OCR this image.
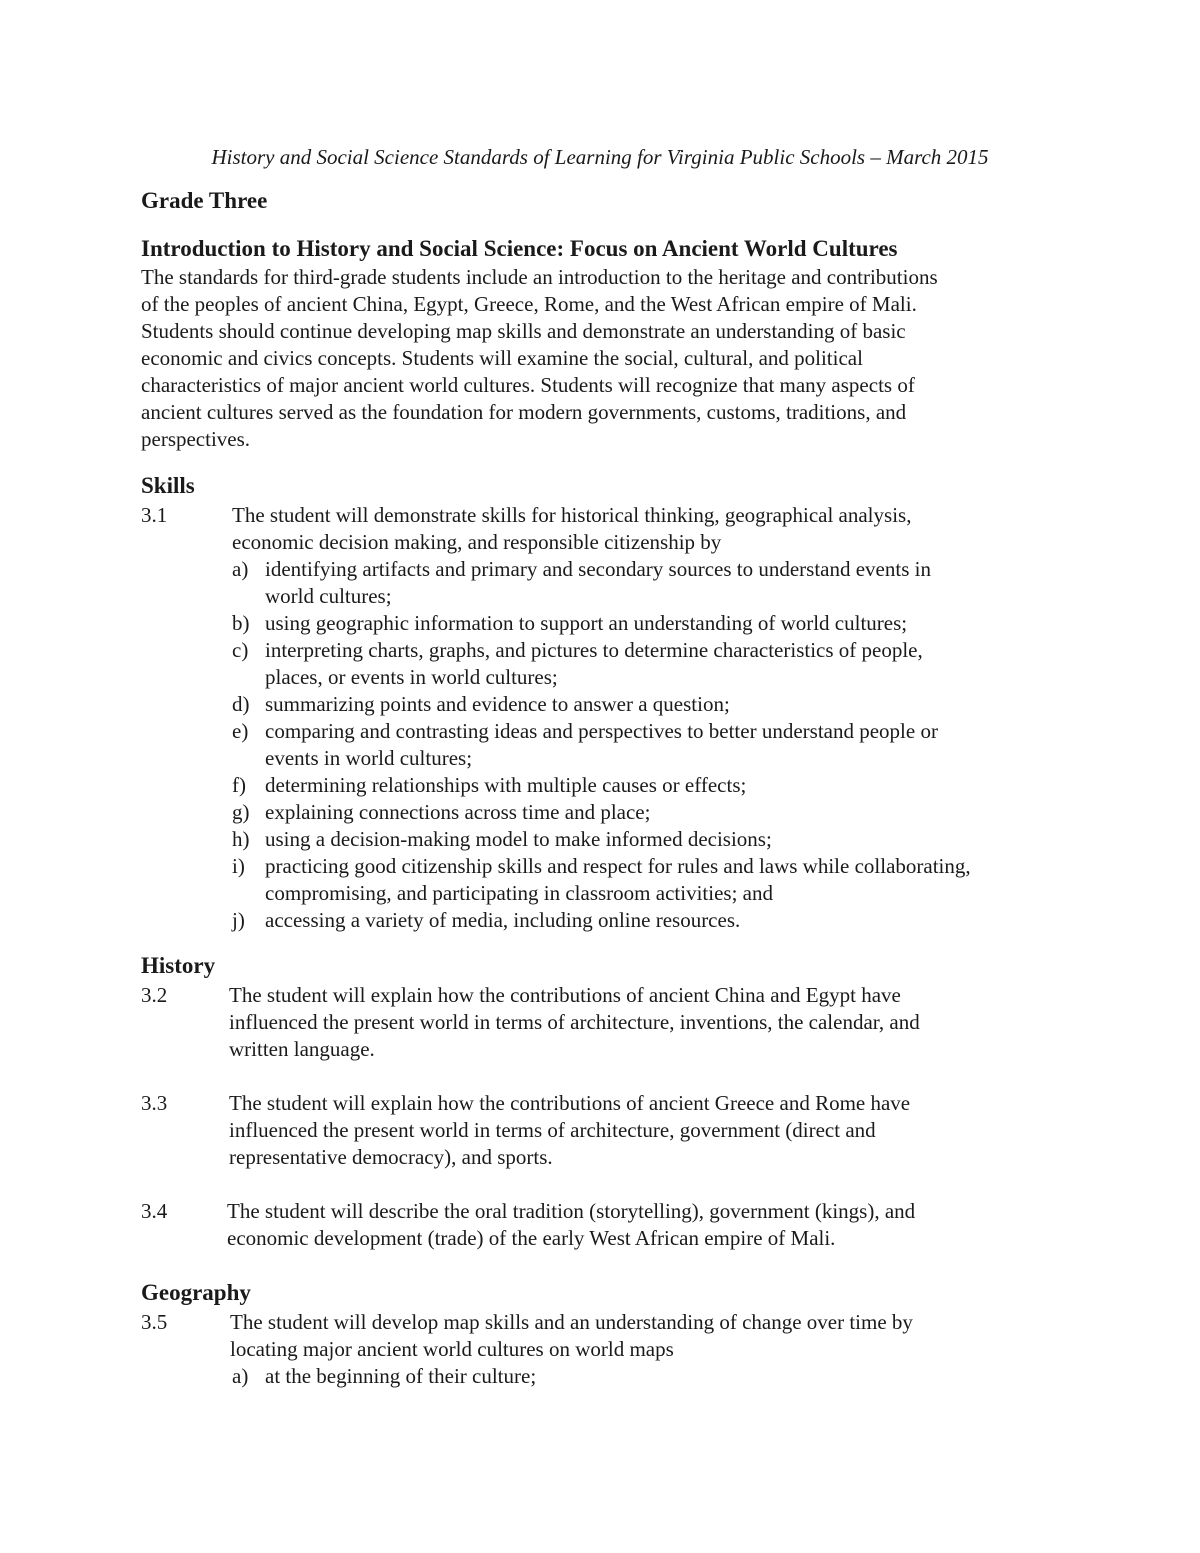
History and Social Science Standards of Learning for Virginia Public Schools – March 2015
Grade Three
Introduction to History and Social Science: Focus on Ancient World Cultures
The standards for third-grade students include an introduction to the heritage and contributions
of the peoples of ancient China, Egypt, Greece, Rome, and the West African empire of Mali.
Students should continue developing map skills and demonstrate an understanding of basic
economic and civics concepts. Students will examine the social, cultural, and political
characteristics of major ancient world cultures. Students will recognize that many aspects of
ancient cultures served as the foundation for modern governments, customs, traditions, and
perspectives.
Skills
3.1	The student will demonstrate skills for historical thinking, geographical analysis,
economic decision making, and responsible citizenship by
a) identifying artifacts and primary and secondary sources to understand events in
world cultures;
b) using geographic information to support an understanding of world cultures;
c) interpreting charts, graphs, and pictures to determine characteristics of people,
places, or events in world cultures;
d) summarizing points and evidence to answer a question;
e) comparing and contrasting ideas and perspectives to better understand people or
events in world cultures;
f) determining relationships with multiple causes or effects;
g) explaining connections across time and place;
h) using a decision-making model to make informed decisions;
i) practicing good citizenship skills and respect for rules and laws while collaborating,
compromising, and participating in classroom activities; and
j) accessing a variety of media, including online resources.
History
3.2	The student will explain how the contributions of ancient China and Egypt have
influenced the present world in terms of architecture, inventions, the calendar, and
written language.
3.3	The student will explain how the contributions of ancient Greece and Rome have
influenced the present world in terms of architecture, government (direct and
representative democracy), and sports.
3.4	The student will describe the oral tradition (storytelling), government (kings), and
economic development (trade) of the early West African empire of Mali.
Geography
3.5	The student will develop map skills and an understanding of change over time by
locating major ancient world cultures on world maps
a) at the beginning of their culture;
